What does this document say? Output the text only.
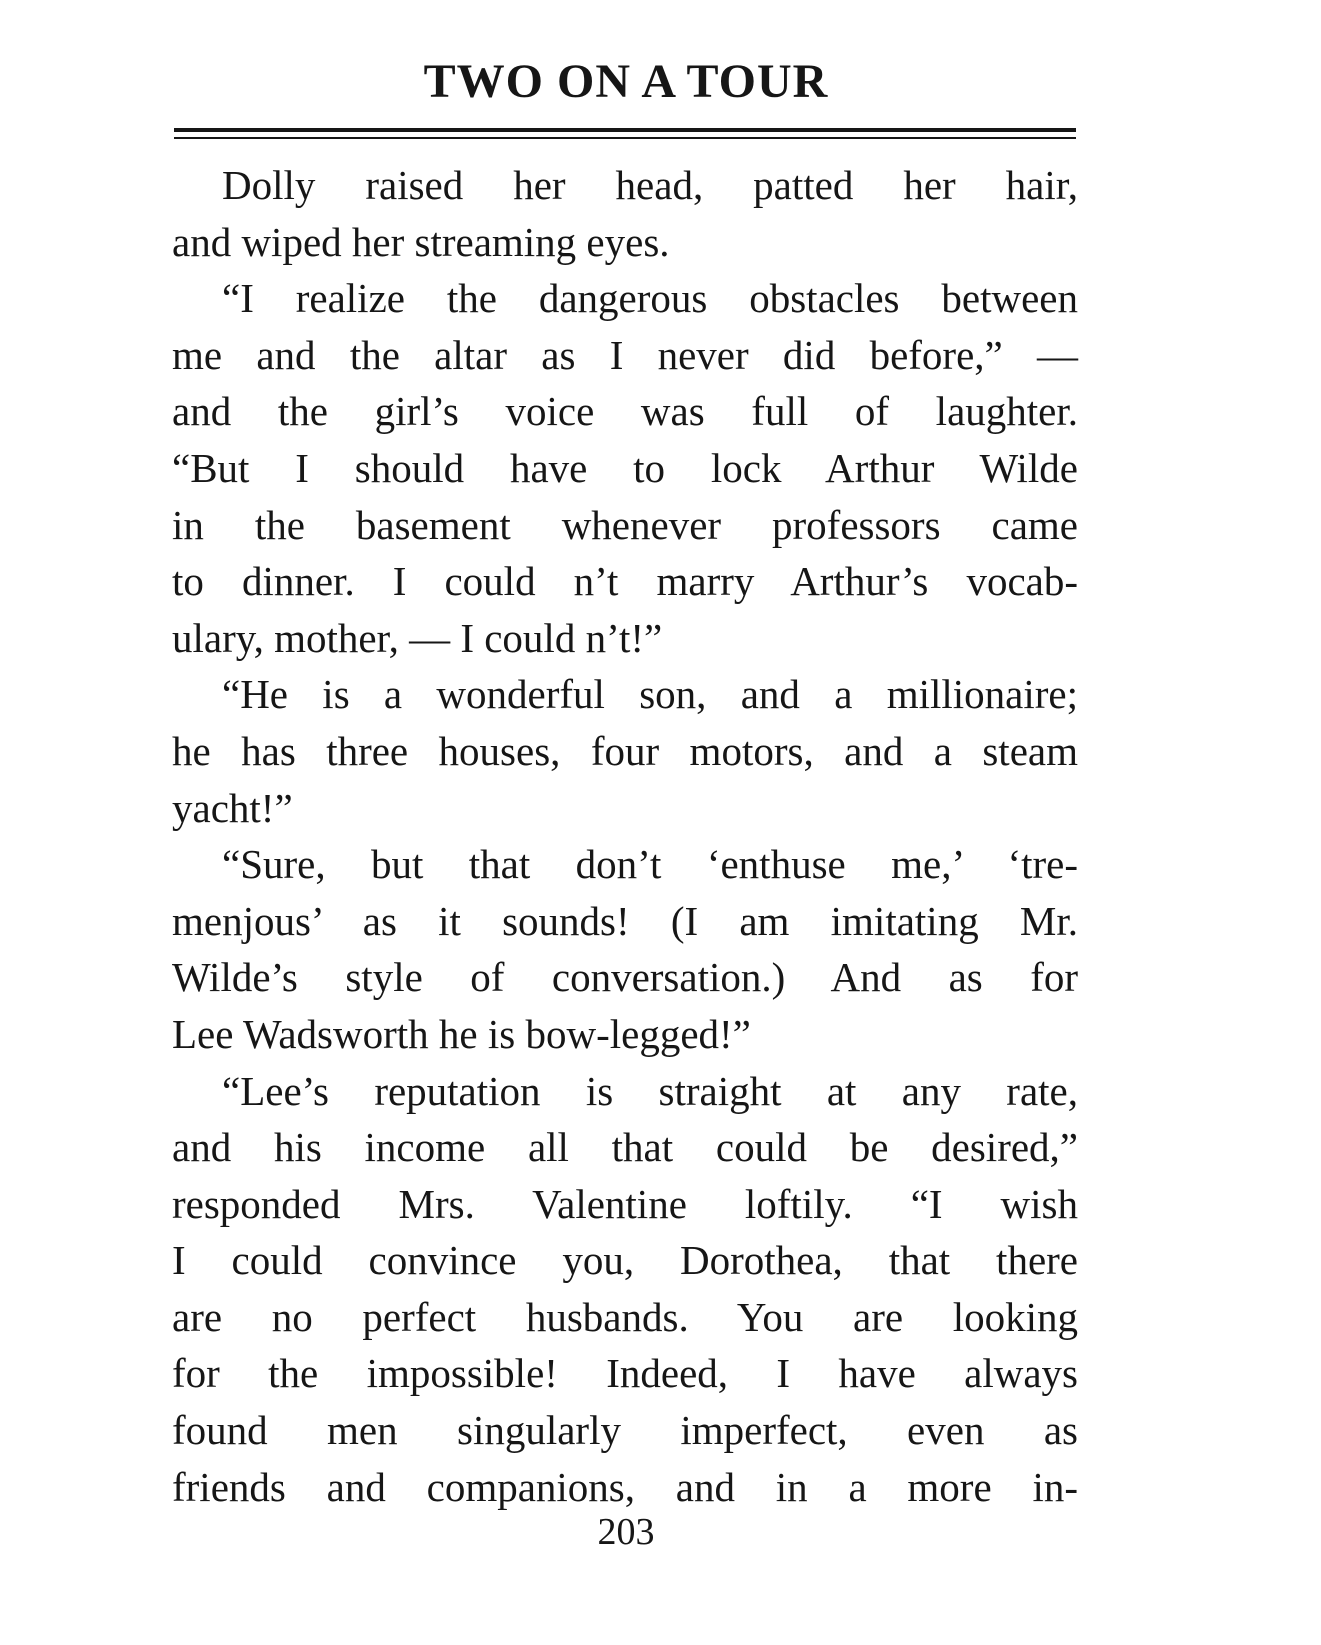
TWO ON A TOUR
Dolly raised her head, patted her hair,
and wiped her streaming eyes.
“I realize the dangerous obstacles between
me and the altar as I never did before,” —
and the girl’s voice was full of laughter.
“But I should have to lock Arthur Wilde
in the basement whenever professors came
to dinner. I could n’t marry Arthur’s vocab-
ulary, mother, — I could n’t!”
“He is a wonderful son, and a millionaire;
he has three houses, four motors, and a steam
yacht!”
“Sure, but that don’t ‘enthuse me,’ ‘tre-
menjous’ as it sounds! (I am imitating Mr.
Wilde’s style of conversation.) And as for
Lee Wadsworth he is bow-legged!”
“Lee’s reputation is straight at any rate,
and his income all that could be desired,”
responded Mrs. Valentine loftily. “I wish
I could convince you, Dorothea, that there
are no perfect husbands. You are looking
for the impossible! Indeed, I have always
found men singularly imperfect, even as
friends and companions, and in a more in-
203
